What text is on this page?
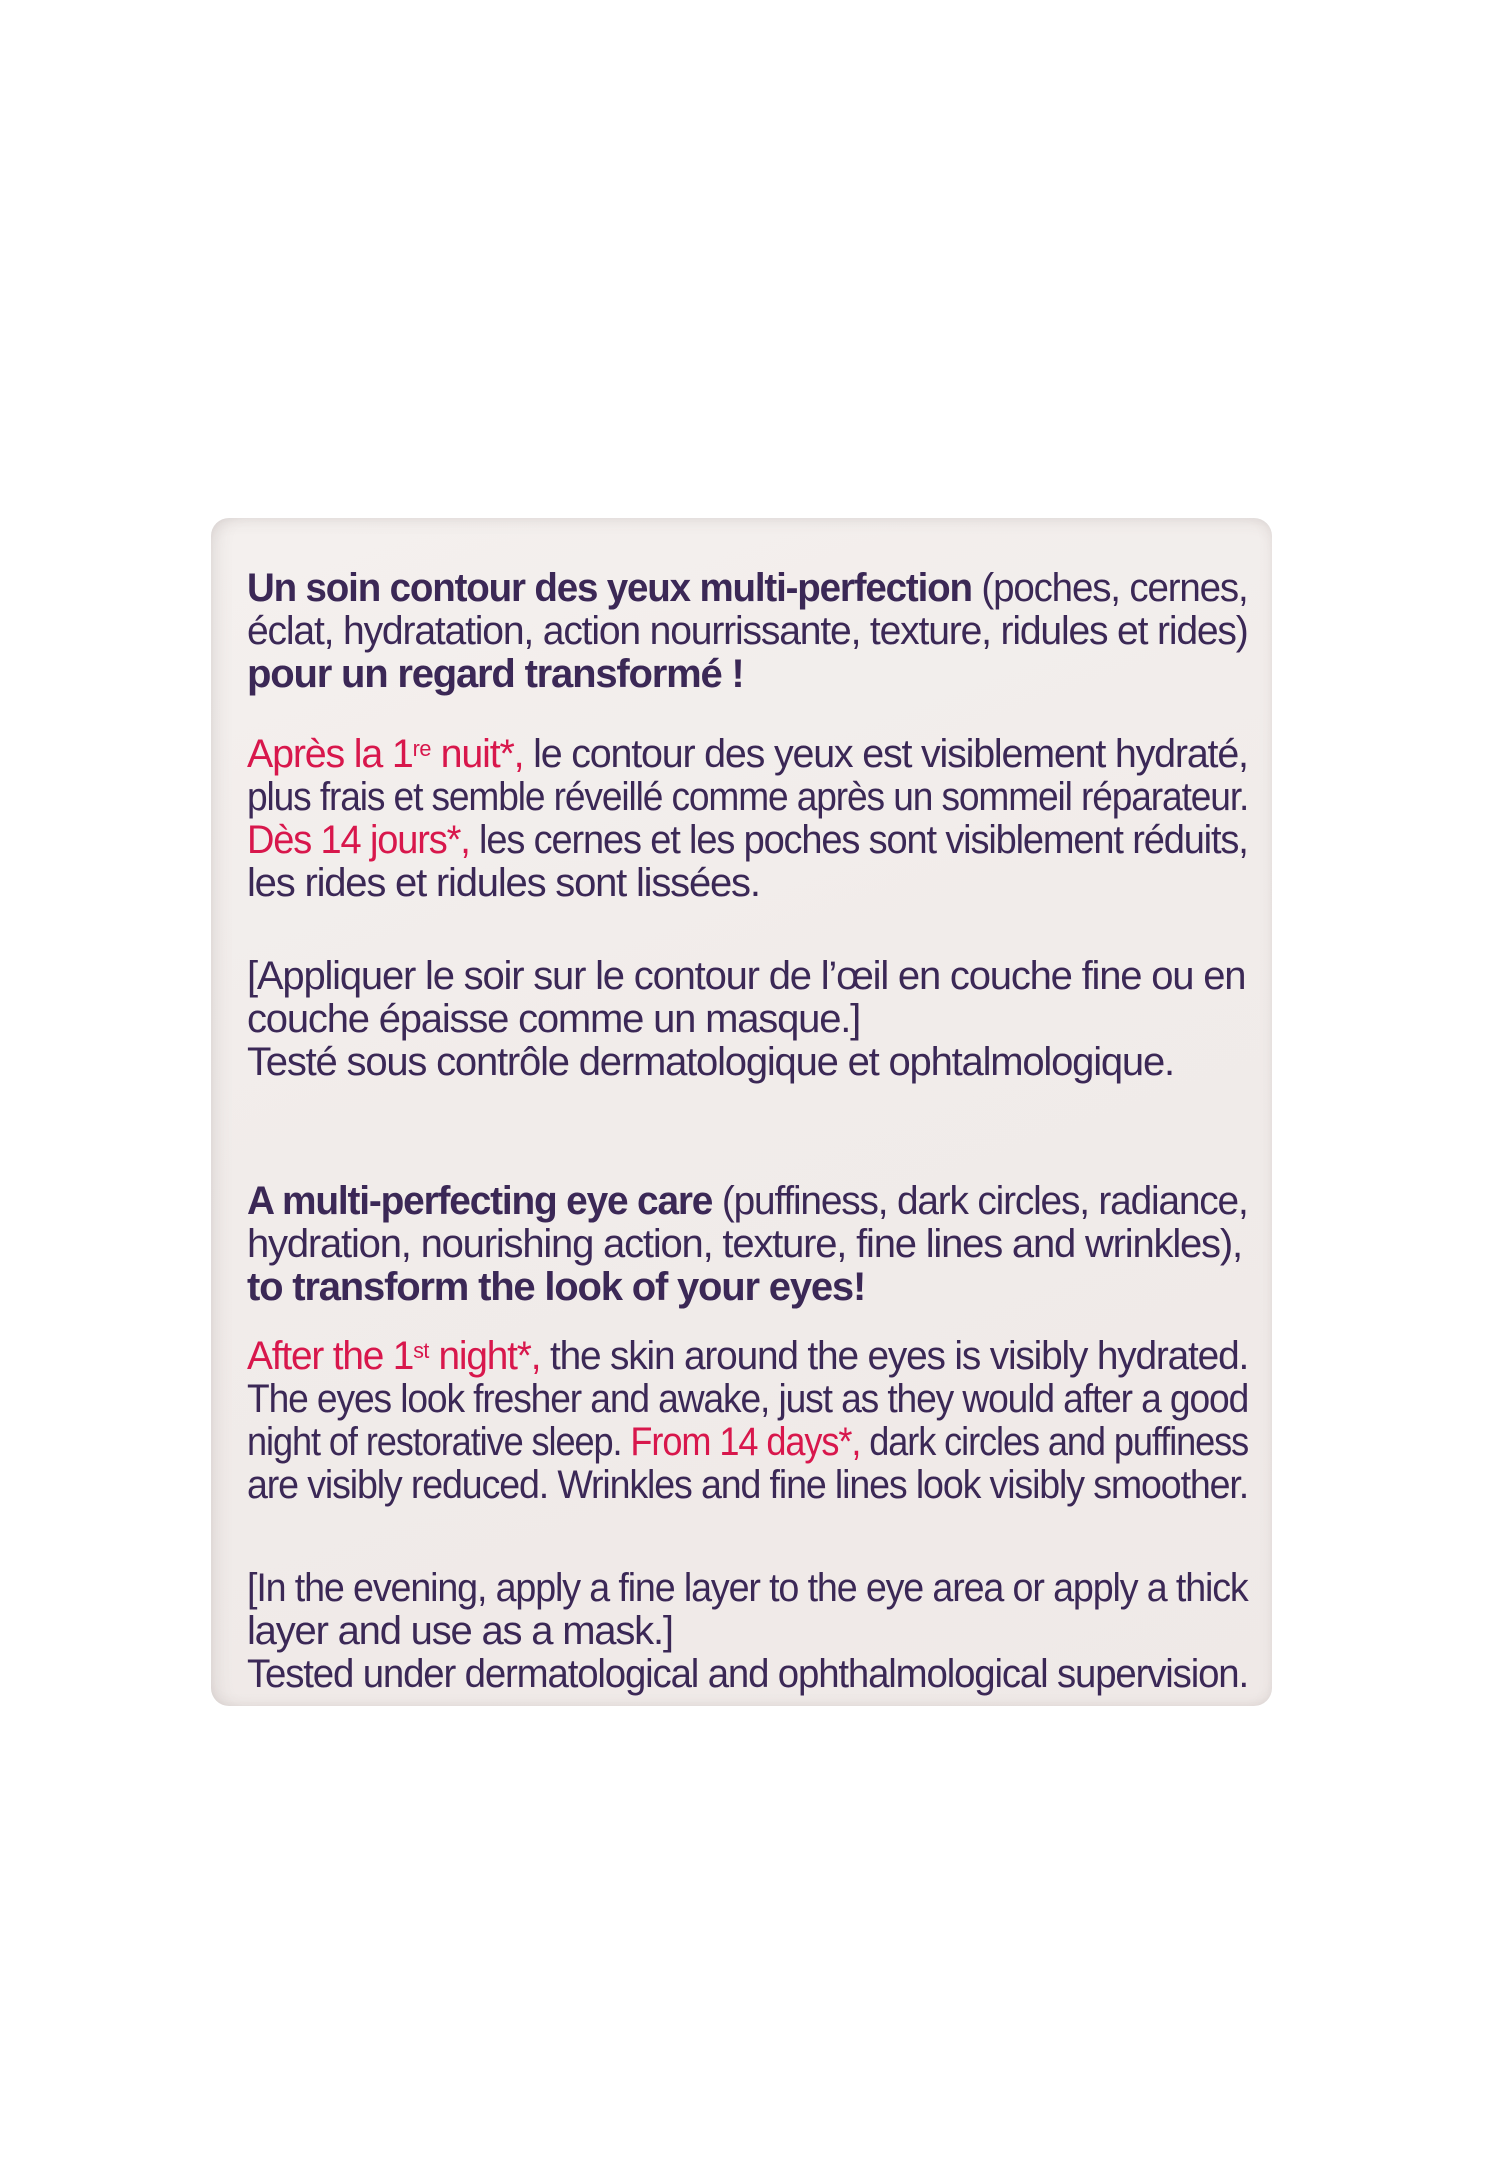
Un soin contour des yeux multi-perfection (poches, cernes,
éclat, hydratation, action nourrissante, texture, ridules et rides)
pour un regard transformé !
Après la 1re nuit*, le contour des yeux est visiblement hydraté,
plus frais et semble réveillé comme après un sommeil réparateur.
Dès 14 jours*, les cernes et les poches sont visiblement réduits,
les rides et ridules sont lissées.
[Appliquer le soir sur le contour de l’œil en couche fine ou en
couche épaisse comme un masque.]
Testé sous contrôle dermatologique et ophtalmologique.
A multi-perfecting eye care (puffiness, dark circles, radiance,
hydration, nourishing action, texture, fine lines and wrinkles),
to transform the look of your eyes!
After the 1st night*, the skin around the eyes is visibly hydrated.
The eyes look fresher and awake, just as they would after a good
night of restorative sleep. From 14 days*, dark circles and puffiness
are visibly reduced. Wrinkles and fine lines look visibly smoother.
[In the evening, apply a fine layer to the eye area or apply a thick
layer and use as a mask.]
Tested under dermatological and ophthalmological supervision.
